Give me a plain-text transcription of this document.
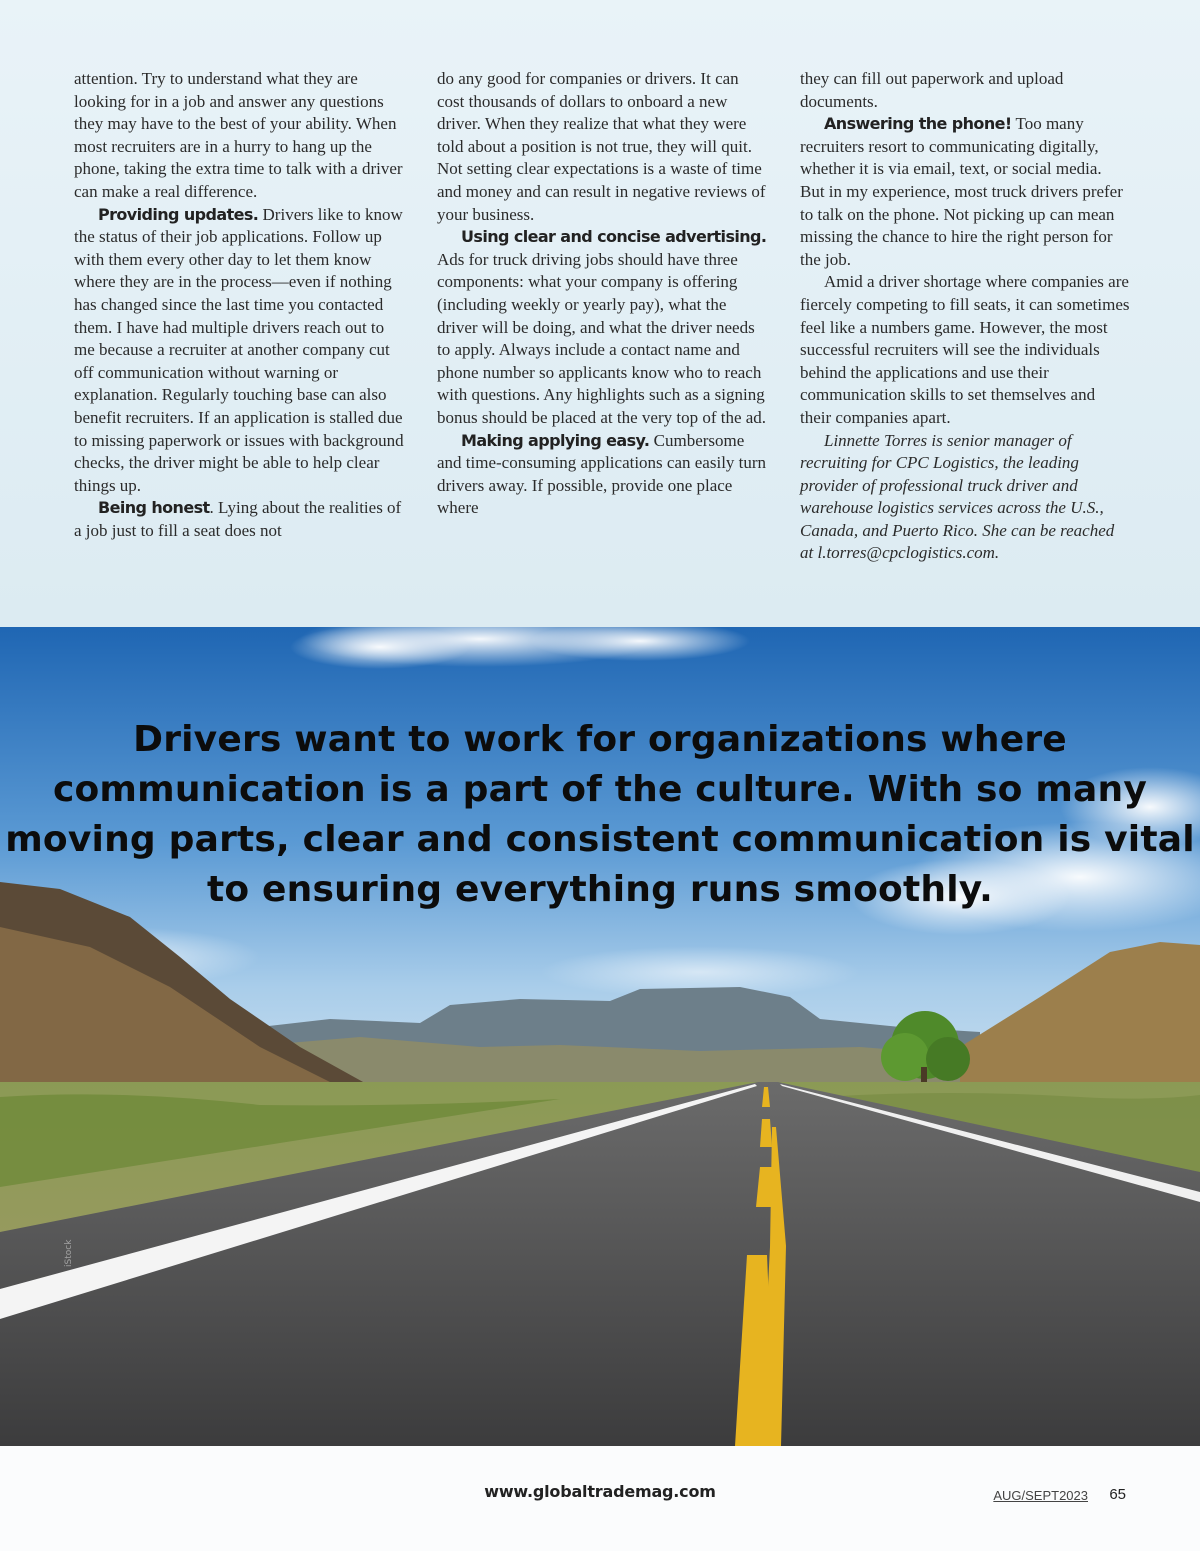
attention. Try to understand what they are looking for in a job and answer any questions they may have to the best of your ability. When most recruiters are in a hurry to hang up the phone, taking the extra time to talk with a driver can make a real difference.

Providing updates. Drivers like to know the status of their job applications. Follow up with them every other day to let them know where they are in the process—even if nothing has changed since the last time you contacted them. I have had multiple drivers reach out to me because a recruiter at another company cut off communication without warning or explanation. Regularly touching base can also benefit recruiters. If an application is stalled due to missing paperwork or issues with background checks, the driver might be able to help clear things up.

Being honest. Lying about the realities of a job just to fill a seat does not

do any good for companies or drivers. It can cost thousands of dollars to onboard a new driver. When they realize that what they were told about a position is not true, they will quit. Not setting clear expectations is a waste of time and money and can result in negative reviews of your business.

Using clear and concise advertising. Ads for truck driving jobs should have three components: what your company is offering (including weekly or yearly pay), what the driver will be doing, and what the driver needs to apply. Always include a contact name and phone number so applicants know who to reach with questions. Any highlights such as a signing bonus should be placed at the very top of the ad.

Making applying easy. Cumbersome and time-consuming applications can easily turn drivers away. If possible, provide one place where

they can fill out paperwork and upload documents.

Answering the phone! Too many recruiters resort to communicating digitally, whether it is via email, text, or social media. But in my experience, most truck drivers prefer to talk on the phone. Not picking up can mean missing the chance to hire the right person for the job.

Amid a driver shortage where companies are fiercely competing to fill seats, it can sometimes feel like a numbers game. However, the most successful recruiters will see the individuals behind the applications and use their communication skills to set themselves and their companies apart.

Linnette Torres is senior manager of recruiting for CPC Logistics, the leading provider of professional truck driver and warehouse logistics services across the U.S., Canada, and Puerto Rico. She can be reached at l.torres@cpclogistics.com.

Drivers want to work for organizations where communication is a part of the culture. With so many moving parts, clear and consistent communication is vital to ensuring everything runs smoothly.

iStock
www.globaltrademag.com	AUG/SEPT2023 65
